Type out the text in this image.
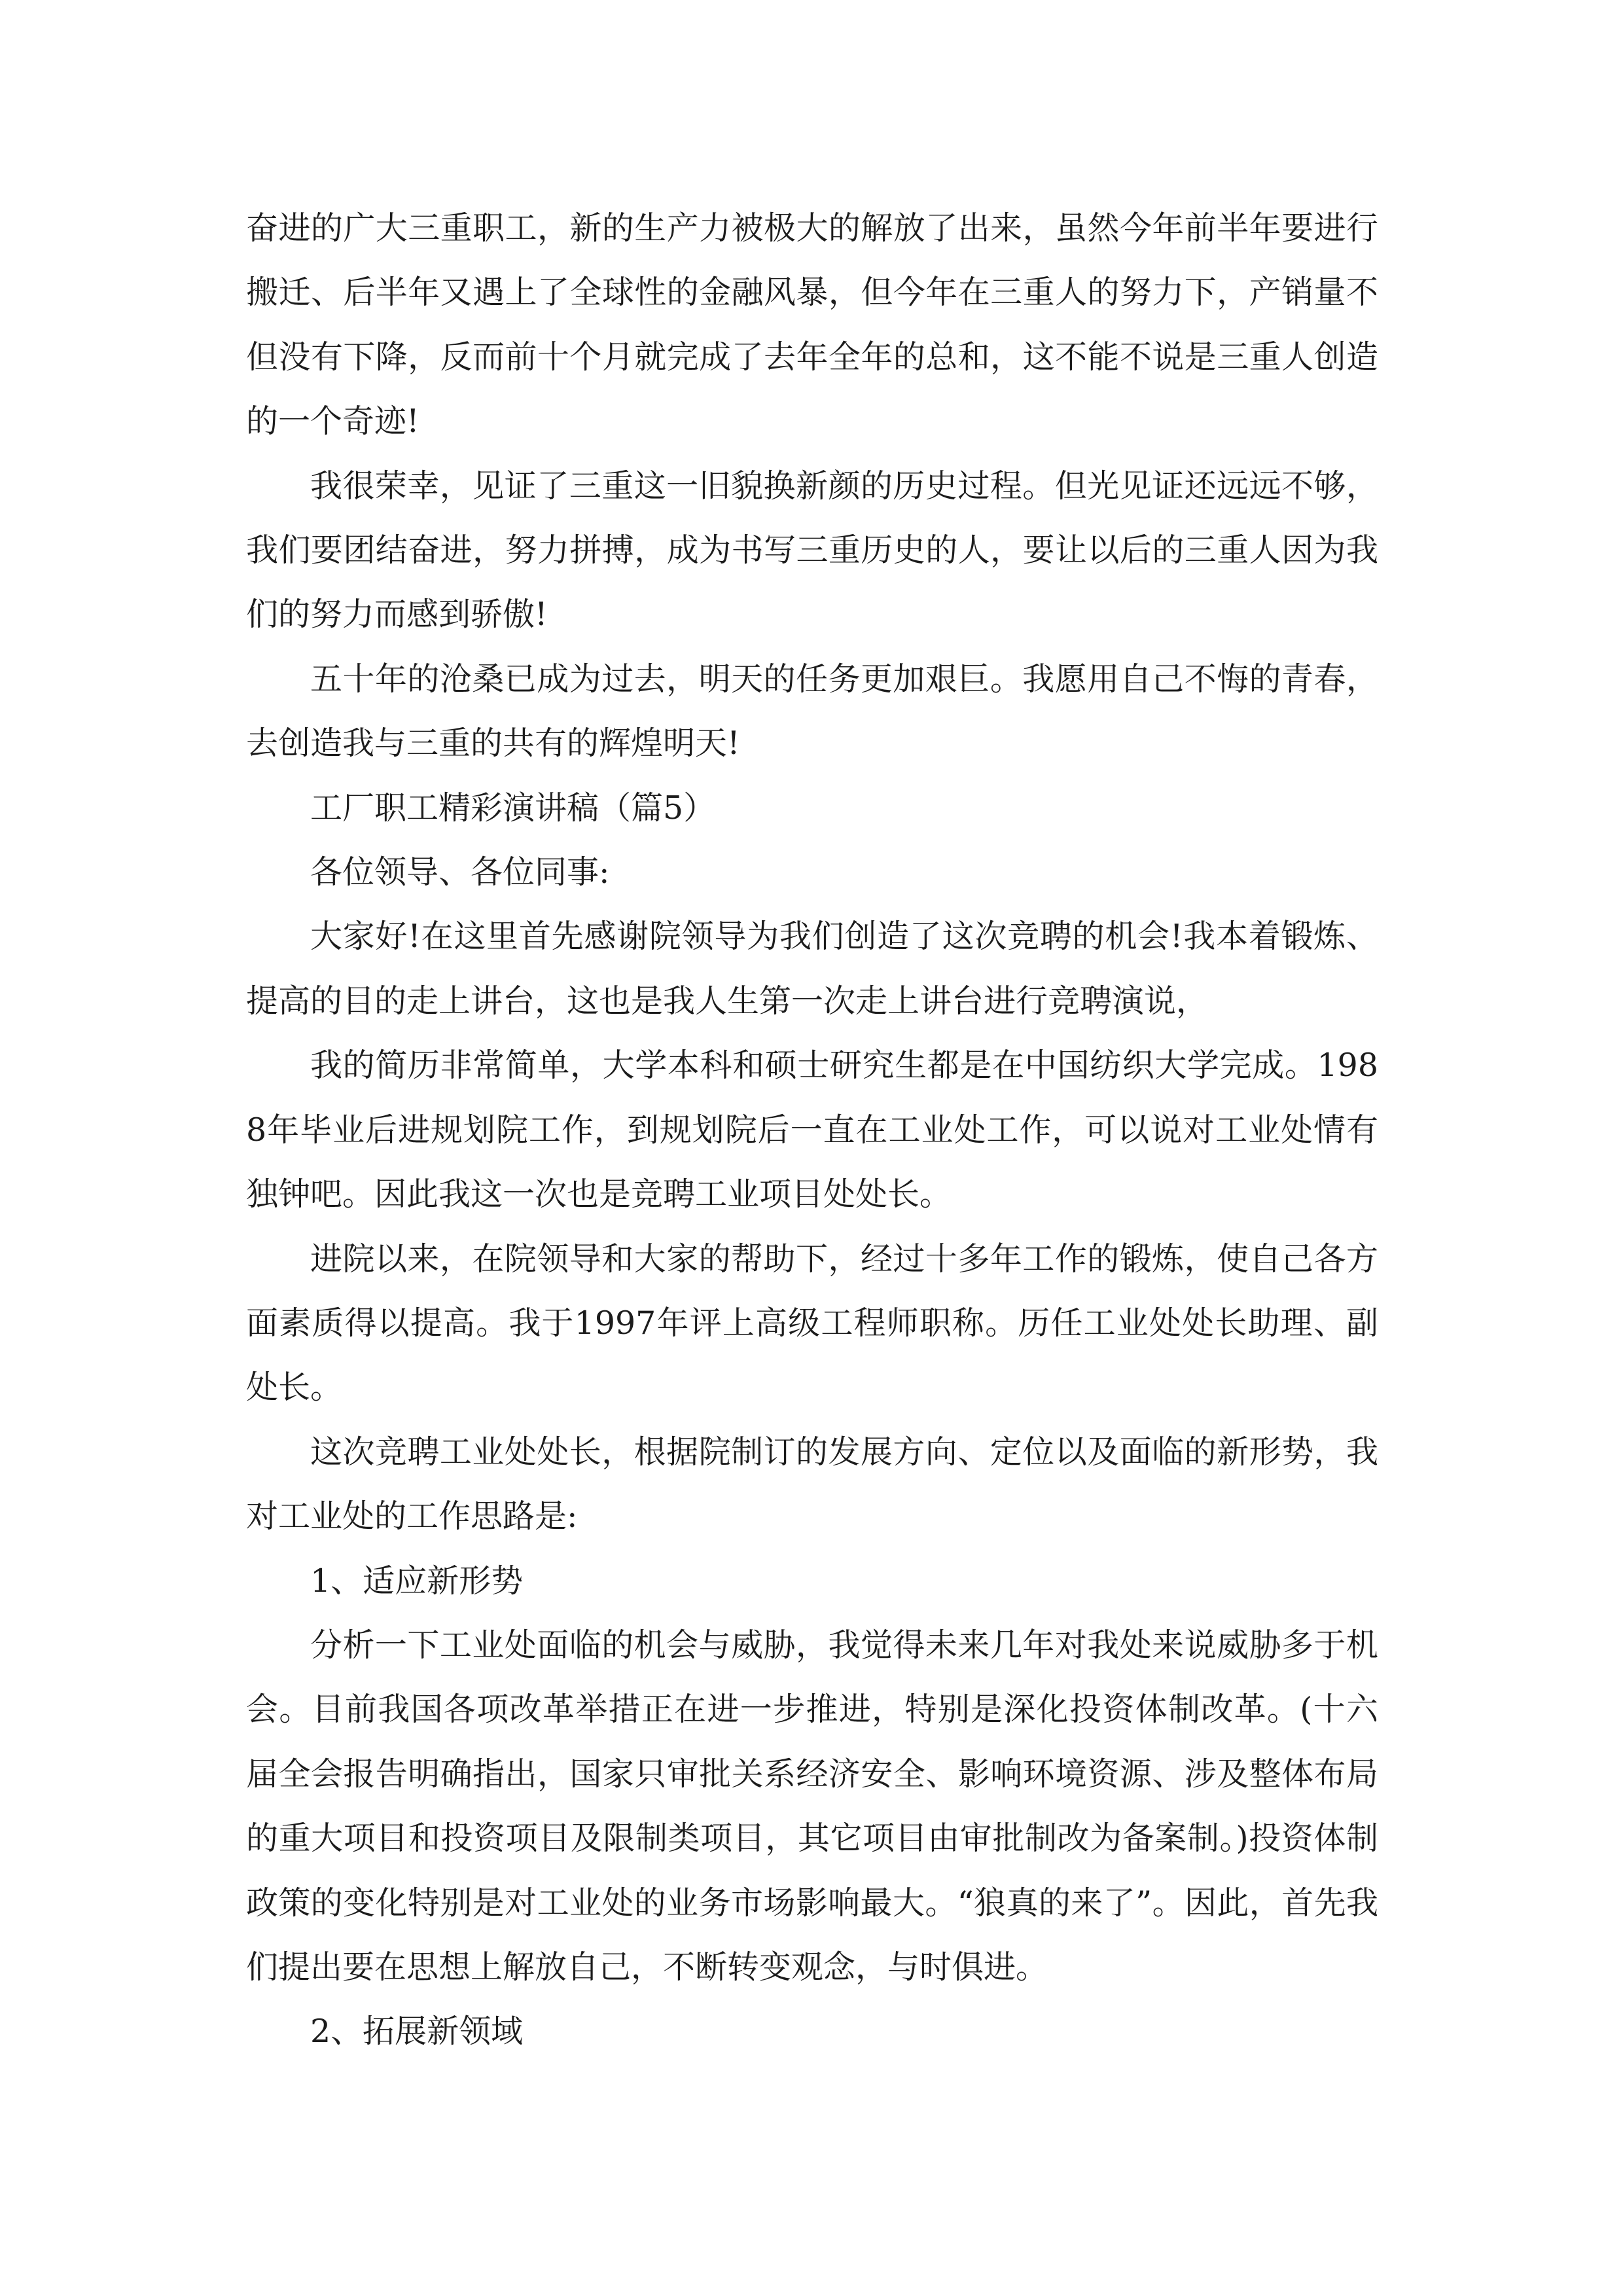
奋进的广大三重职工，新的生产力被极大的解放了出来，虽然今年前半年要进行搬迁、后半年又遇上了全球性的金融风暴，但今年在三重人的努力下，产销量不但没有下降，反而前十个月就完成了去年全年的总和，这不能不说是三重人创造的一个奇迹!

我很荣幸，见证了三重这一旧貌换新颜的历史过程。但光见证还远远不够，我们要团结奋进，努力拼搏，成为书写三重历史的人，要让以后的三重人因为我们的努力而感到骄傲!

五十年的沧桑已成为过去，明天的任务更加艰巨。我愿用自己不悔的青春，去创造我与三重的共有的辉煌明天!

工厂职工精彩演讲稿（篇5）

各位领导、各位同事:

大家好!在这里首先感谢院领导为我们创造了这次竞聘的机会!我本着锻炼、提高的目的走上讲台，这也是我人生第一次走上讲台进行竞聘演说，

我的简历非常简单，大学本科和硕士研究生都是在中国纺织大学完成。1988年毕业后进规划院工作，到规划院后一直在工业处工作，可以说对工业处情有独钟吧。因此我这一次也是竞聘工业项目处处长。

进院以来，在院领导和大家的帮助下，经过十多年工作的锻炼，使自己各方面素质得以提高。我于1997年评上高级工程师职称。历任工业处处长助理、副处长。

这次竞聘工业处处长，根据院制订的发展方向、定位以及面临的新形势，我对工业处的工作思路是:

1、适应新形势

分析一下工业处面临的机会与威胁，我觉得未来几年对我处来说威胁多于机会。目前我国各项改革举措正在进一步推进，特别是深化投资体制改革。(十六届全会报告明确指出，国家只审批关系经济安全、影响环境资源、涉及整体布局的重大项目和投资项目及限制类项目，其它项目由审批制改为备案制。)投资体制政策的变化特别是对工业处的业务市场影响最大。“狼真的来了”。因此，首先我们提出要在思想上解放自己，不断转变观念，与时俱进。

2、拓展新领域
